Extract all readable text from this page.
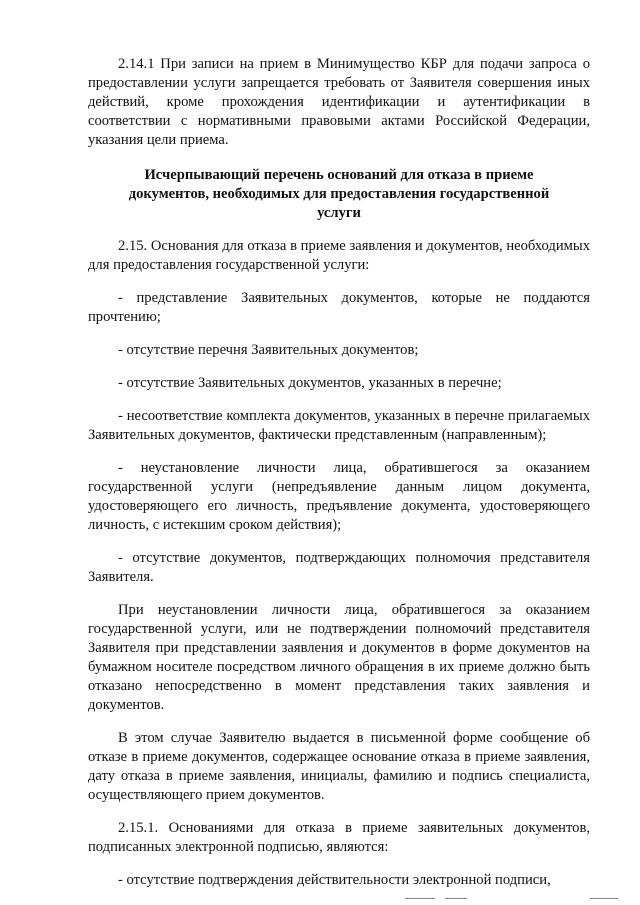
2.14.1 При записи на прием в Минимущество КБР для подачи запроса о предоставлении услуги запрещается требовать от Заявителя совершения иных действий, кроме прохождения идентификации и аутентификации в соответствии с нормативными правовыми актами Российской Федерации, указания цели приема.

Исчерпывающий перечень оснований для отказа в приеме документов, необходимых для предоставления государственной услуги

2.15. Основания для отказа в приеме заявления и документов, необходимых для предоставления государственной услуги:

- представление Заявительных документов, которые не поддаются прочтению;

- отсутствие перечня Заявительных документов;

- отсутствие Заявительных документов, указанных в перечне;

- несоответствие комплекта документов, указанных в перечне прилагаемых Заявительных документов, фактически представленным (направленным);

- неустановление личности лица, обратившегося за оказанием государственной услуги (непредъявление данным лицом документа, удостоверяющего его личность, предъявление документа, удостоверяющего личность, с истекшим сроком действия);

- отсутствие документов, подтверждающих полномочия представителя Заявителя.

При неустановлении личности лица, обратившегося за оказанием государственной услуги, или не подтверждении полномочий представителя Заявителя при представлении заявления и документов в форме документов на бумажном носителе посредством личного обращения в их приеме должно быть отказано непосредственно в момент представления таких заявления и документов.

В этом случае Заявителю выдается в письменной форме сообщение об отказе в приеме документов, содержащее основание отказа в приеме заявления, дату отказа в приеме заявления, инициалы, фамилию и подпись специалиста, осуществляющего прием документов.

2.15.1. Основаниями для отказа в приеме заявительных документов, подписанных электронной подписью, являются:

- отсутствие подтверждения действительности электронной подписи,
